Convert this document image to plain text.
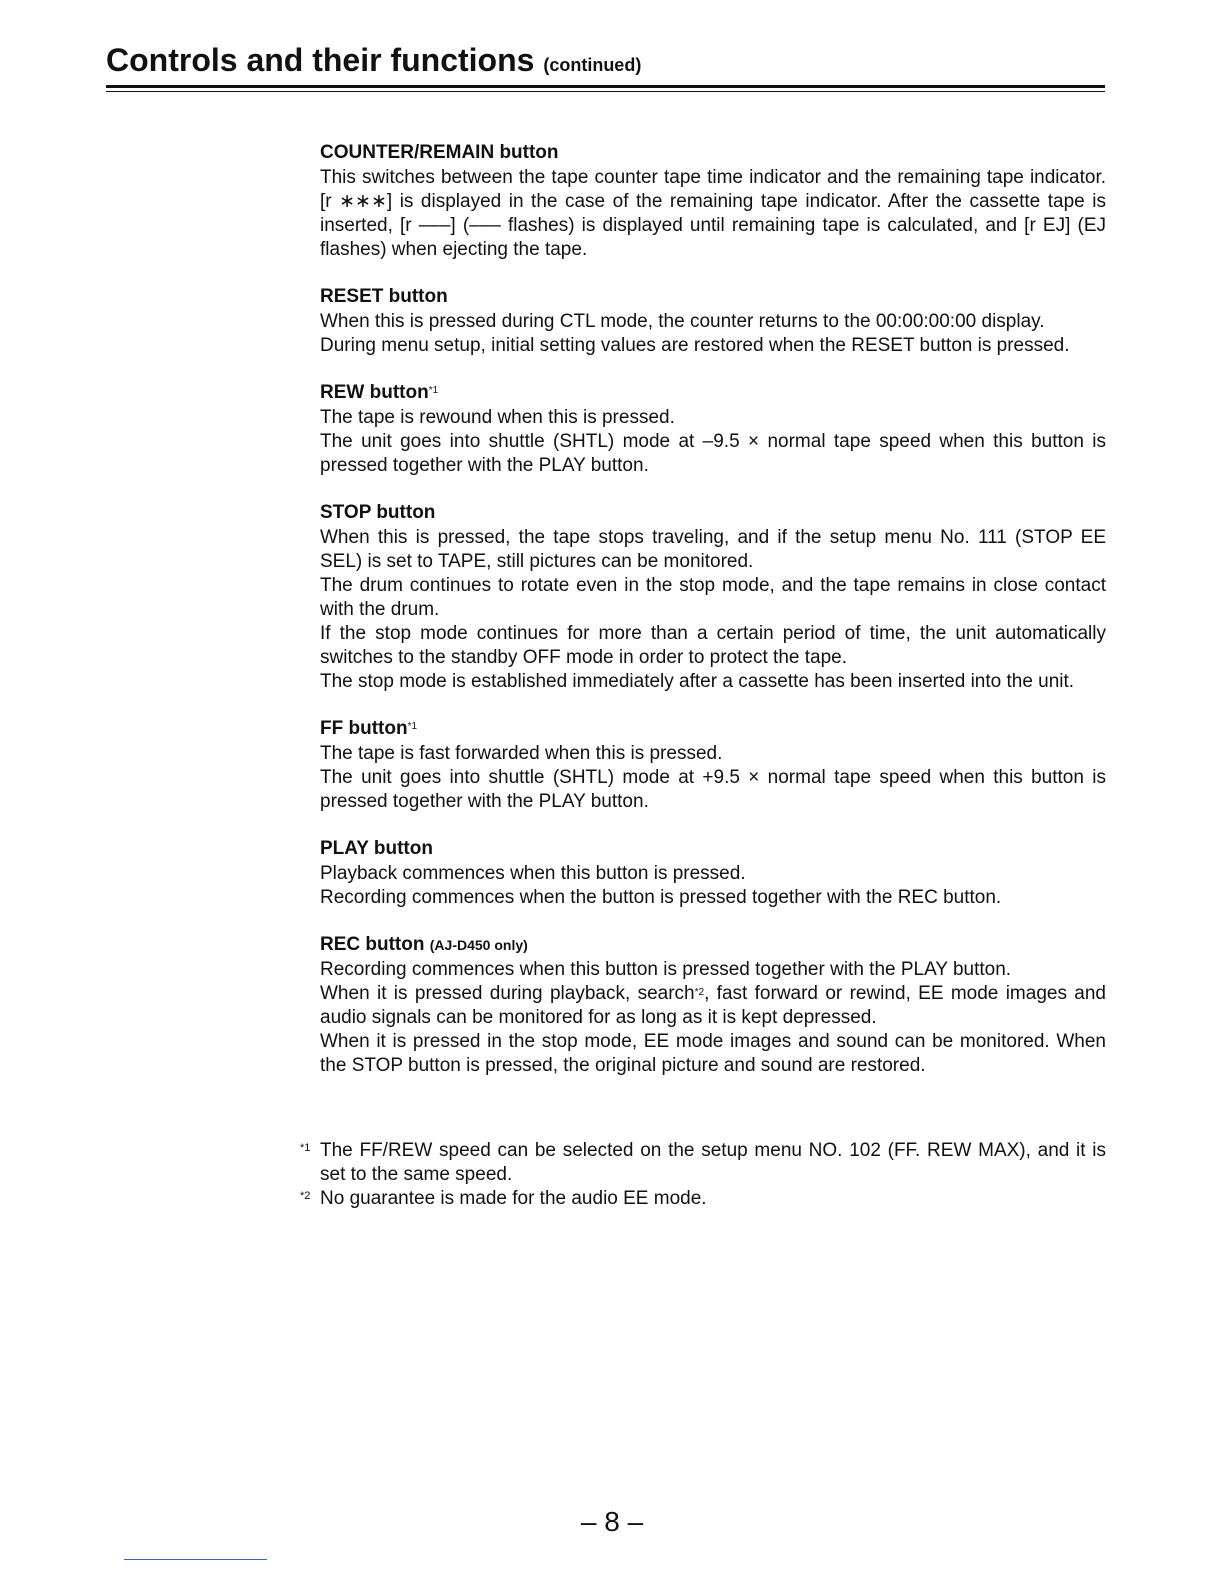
Controls and their functions (continued)

COUNTER/REMAIN button

This switches between the tape counter tape time indicator and the remaining tape indicator. [r ∗∗∗] is displayed in the case of the remaining tape indicator. After the cassette tape is inserted, [r –––] (––– flashes) is displayed until remaining tape is calculated, and [r EJ] (EJ flashes) when ejecting the tape.

RESET button

When this is pressed during CTL mode, the counter returns to the 00:00:00:00 display.

During menu setup, initial setting values are restored when the RESET button is pressed.

REW button$^{*1}$

The tape is rewound when this is pressed.

The unit goes into shuttle (SHTL) mode at –9.5 × normal tape speed when this button is pressed together with the PLAY button.

STOP button

When this is pressed, the tape stops traveling, and if the setup menu No. 111 (STOP EE SEL) is set to TAPE, still pictures can be monitored.

The drum continues to rotate even in the stop mode, and the tape remains in close contact with the drum.

If the stop mode continues for more than a certain period of time, the unit automatically switches to the standby OFF mode in order to protect the tape.

The stop mode is established immediately after a cassette has been inserted into the unit.

FF button$^{*1}$

The tape is fast forwarded when this is pressed.

The unit goes into shuttle (SHTL) mode at +9.5 × normal tape speed when this button is pressed together with the PLAY button.

PLAY button

Playback commences when this button is pressed.

Recording commences when the button is pressed together with the REC button.

REC button (AJ-D450 only)

Recording commences when this button is pressed together with the PLAY button.

When it is pressed during playback, search$^{*2}$, fast forward or rewind, EE mode images and audio signals can be monitored for as long as it is kept depressed.

When it is pressed in the stop mode, EE mode images and sound can be monitored. When the STOP button is pressed, the original picture and sound are restored.

*1 The FF/REW speed can be selected on the setup menu NO. 102 (FF. REW MAX), and it is set to the same speed.
*2 No guarantee is made for the audio EE mode.
– 8 –
